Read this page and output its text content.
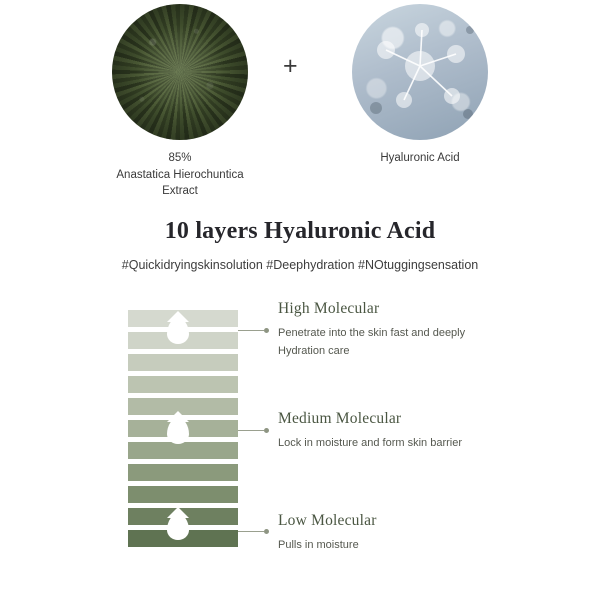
85%
Anastatica Hierochuntica
Extract
+
Hyaluronic Acid
10 layers Hyaluronic Acid
#Quickidryingskinsolution #Deephydration #NOtuggingsensation
High Molecular
Penetrate into the skin fast and deeply
Hydration care
Medium Molecular
Lock in moisture and form skin barrier
Low Molecular
Pulls in moisture
